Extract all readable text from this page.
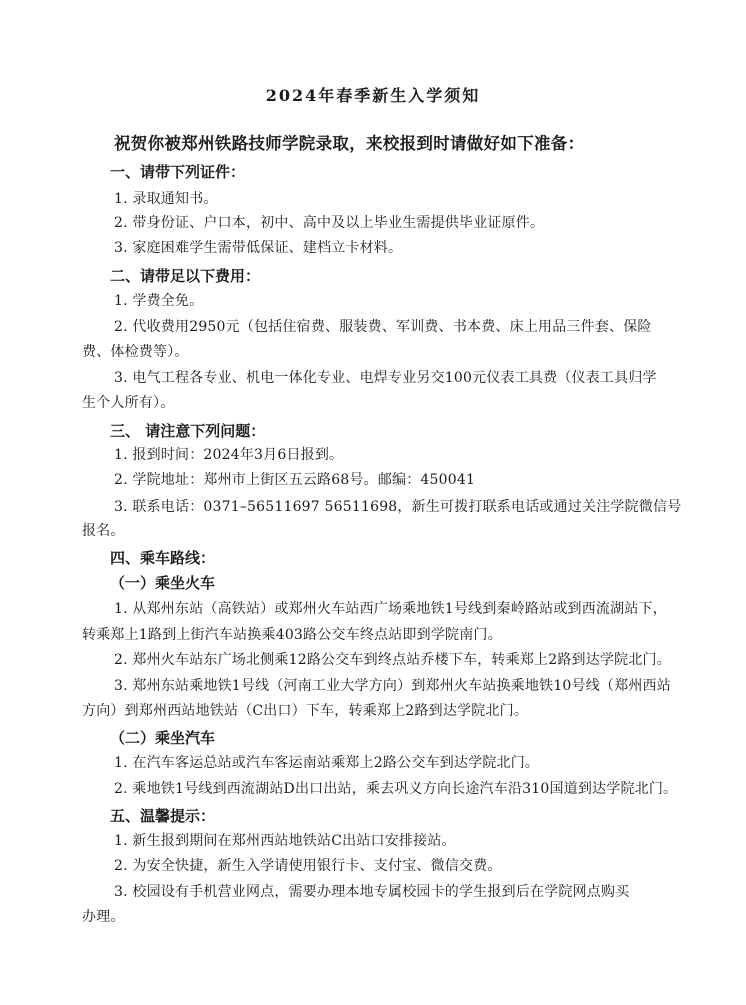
2024年春季新生入学须知
祝贺你被郑州铁路技师学院录取，来校报到时请做好如下准备：
一、请带下列证件：
1. 录取通知书。
2. 带身份证、户口本，初中、高中及以上毕业生需提供毕业证原件。
3. 家庭困难学生需带低保证、建档立卡材料。
二、请带足以下费用：
1. 学费全免。
2. 代收费用2950元（包括住宿费、服装费、军训费、书本费、床上用品三件套、保险
费、体检费等）。
3. 电气工程各专业、机电一体化专业、电焊专业另交100元仪表工具费（仪表工具归学
生个人所有）。
三、 请注意下列问题：
1. 报到时间：2024年3月6日报到。
2. 学院地址：郑州市上街区五云路68号。邮编：450041
3. 联系电话：0371–56511697 56511698，新生可拨打联系电话或通过关注学院微信号
报名。
四、乘车路线：
（一）乘坐火车
1. 从郑州东站（高铁站）或郑州火车站西广场乘地铁1号线到秦岭路站或到西流湖站下，
转乘郑上1路到上街汽车站换乘403路公交车终点站即到学院南门。
2. 郑州火车站东广场北侧乘12路公交车到终点站乔楼下车，转乘郑上2路到达学院北门。
3. 郑州东站乘地铁1号线（河南工业大学方向）到郑州火车站换乘地铁10号线（郑州西站
方向）到郑州西站地铁站（C出口）下车，转乘郑上2路到达学院北门。
（二）乘坐汽车
1. 在汽车客运总站或汽车客运南站乘郑上2路公交车到达学院北门。
2. 乘地铁1号线到西流湖站D出口出站，乘去巩义方向长途汽车沿310国道到达学院北门。
五、温馨提示：
1. 新生报到期间在郑州西站地铁站C出站口安排接站。
2. 为安全快捷，新生入学请使用银行卡、支付宝、微信交费。
3. 校园设有手机营业网点，需要办理本地专属校园卡的学生报到后在学院网点购买
办理。
